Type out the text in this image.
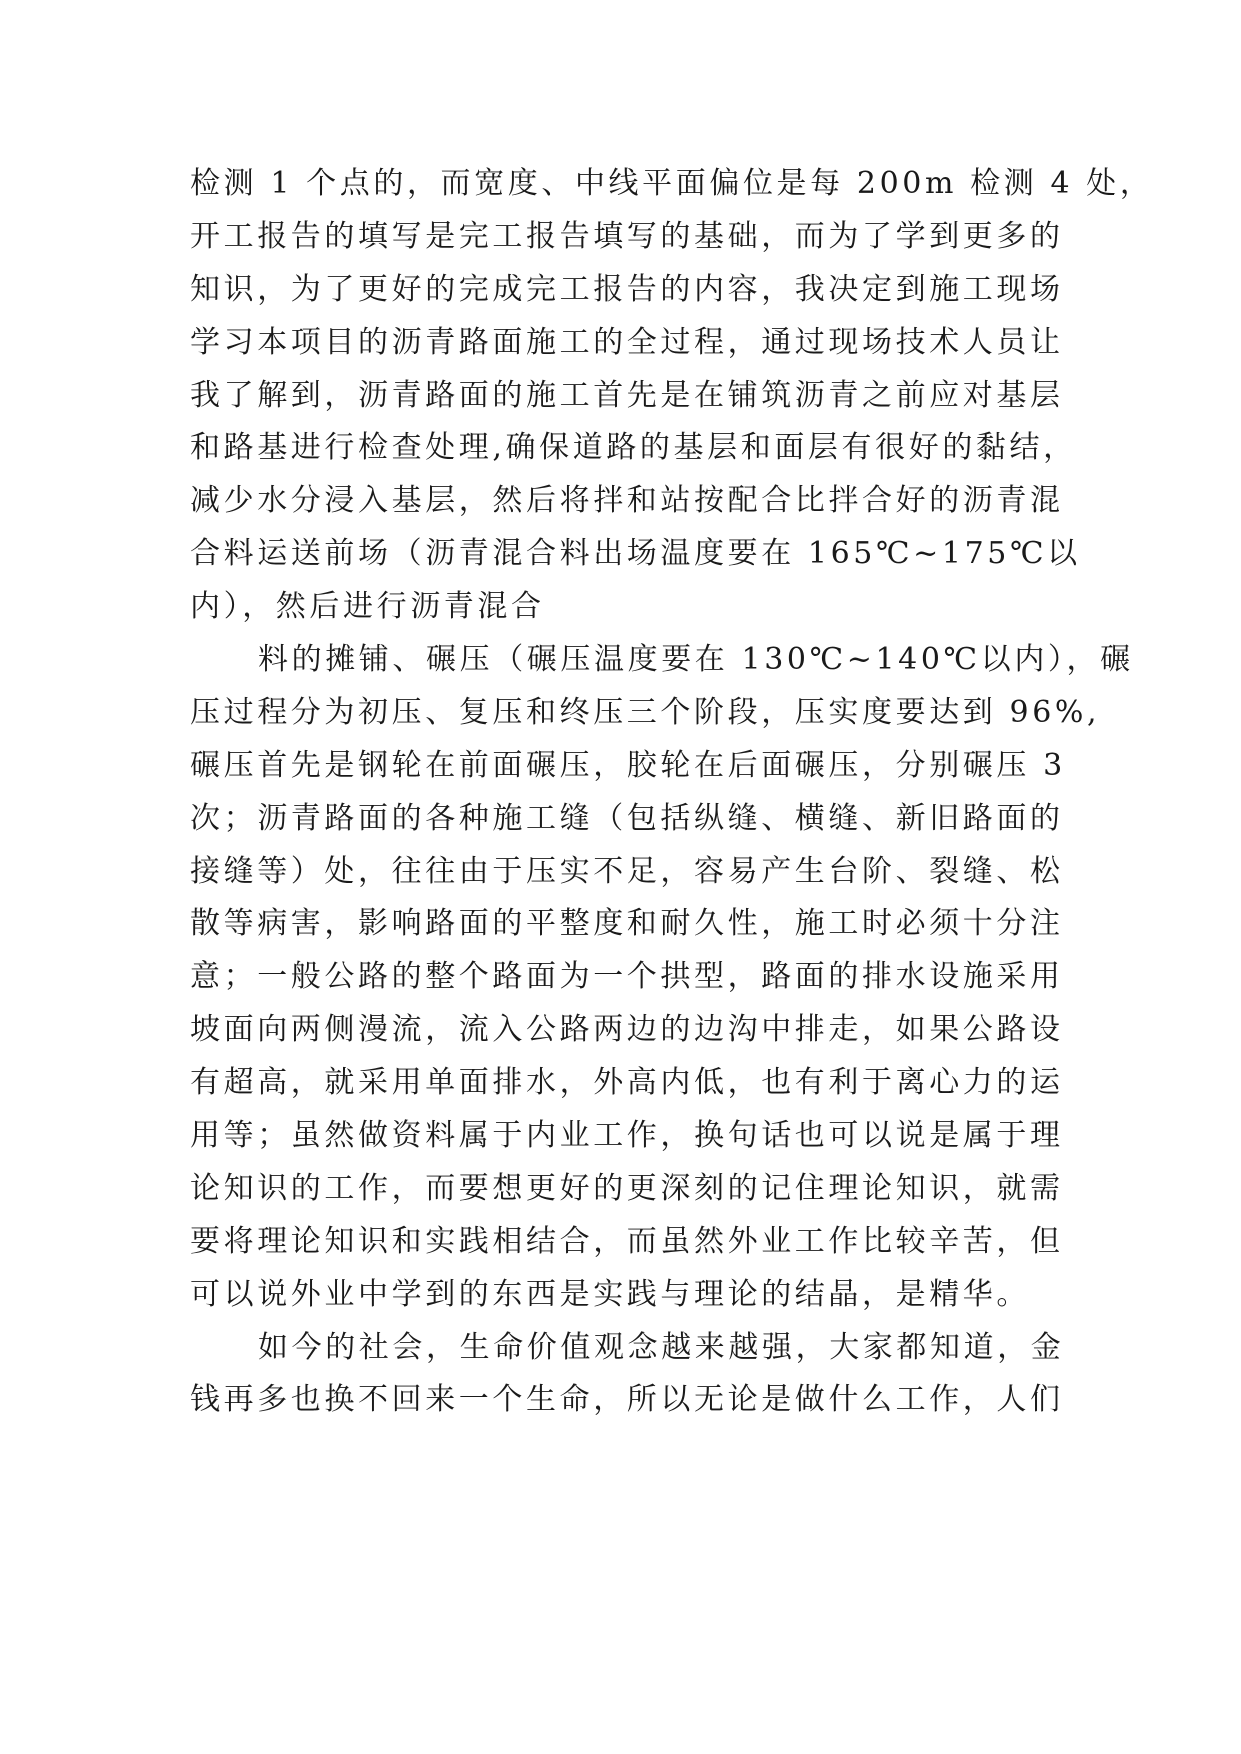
检测 1 个点的，而宽度、中线平面偏位是每 200m 检测 4 处，
开工报告的填写是完工报告填写的基础，而为了学到更多的
知识，为了更好的完成完工报告的内容，我决定到施工现场
学习本项目的沥青路面施工的全过程，通过现场技术人员让
我了解到，沥青路面的施工首先是在铺筑沥青之前应对基层
和路基进行检查处理,确保道路的基层和面层有很好的黏结，
减少水分浸入基层，然后将拌和站按配合比拌合好的沥青混
合料运送前场（沥青混合料出场温度要在 165℃~175℃以
内），然后进行沥青混合
料的摊铺、碾压（碾压温度要在 130℃~140℃以内），碾
压过程分为初压、复压和终压三个阶段，压实度要达到 96%,
碾压首先是钢轮在前面碾压，胶轮在后面碾压，分别碾压 3
次；沥青路面的各种施工缝（包括纵缝、横缝、新旧路面的
接缝等）处，往往由于压实不足，容易产生台阶、裂缝、松
散等病害，影响路面的平整度和耐久性，施工时必须十分注
意；一般公路的整个路面为一个拱型，路面的排水设施采用
坡面向两侧漫流，流入公路两边的边沟中排走，如果公路设
有超高，就采用单面排水，外高内低，也有利于离心力的运
用等；虽然做资料属于内业工作，换句话也可以说是属于理
论知识的工作，而要想更好的更深刻的记住理论知识，就需
要将理论知识和实践相结合，而虽然外业工作比较辛苦，但
可以说外业中学到的东西是实践与理论的结晶，是精华。
如今的社会，生命价值观念越来越强，大家都知道，金
钱再多也换不回来一个生命，所以无论是做什么工作，人们
